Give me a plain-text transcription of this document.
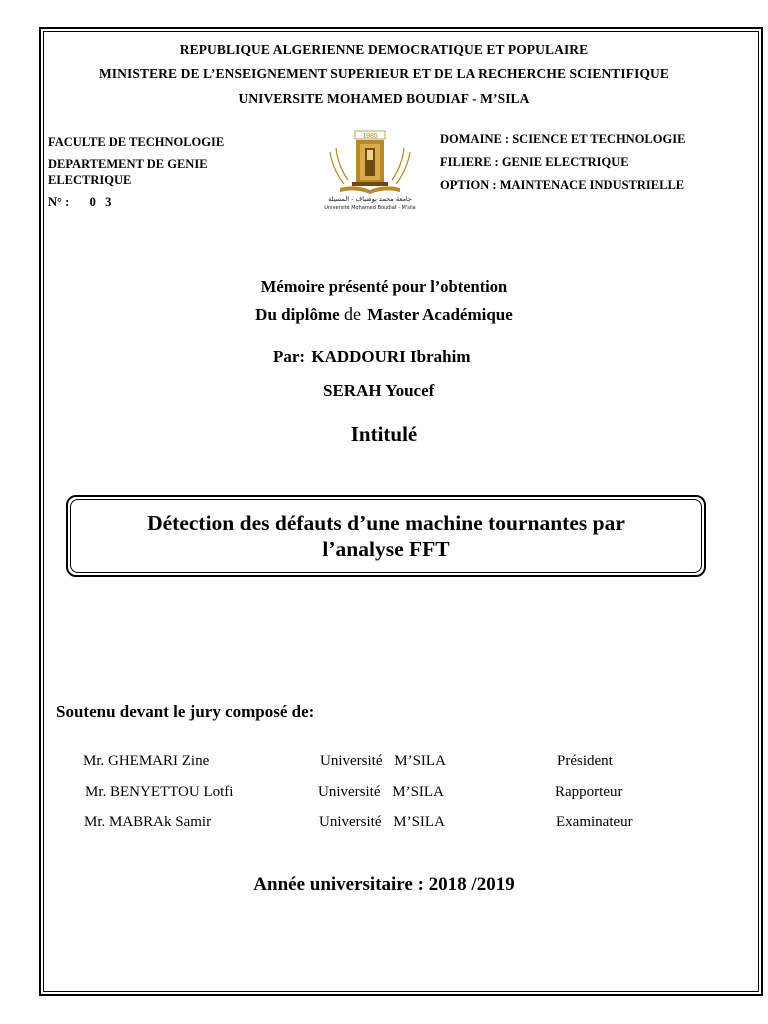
REPUBLIQUE ALGERIENNE DEMOCRATIQUE ET POPULAIRE
MINISTERE DE L’ENSEIGNEMENT SUPERIEUR ET DE LA RECHERCHE SCIENTIFIQUE
UNIVERSITE MOHAMED BOUDIAF - M’SILA
FACULTE DE TECHNOLOGIE
DEPARTEMENT DE GENIE
ELECTRIQUE
N° : 0  3
1985
جامعة محمد بوضياف - المسيلة
Université Mohamed Boudiaf - M'sila
DOMAINE : SCIENCE ET TECHNOLOGIE
FILIERE : GENIE ELECTRIQUE
OPTION : MAINTENACE INDUSTRIELLE
Mémoire présenté pour l’obtention
Du diplôme de Master Académique
Par: KADDOURI Ibrahim
SERAH Youcef
Intitulé
Détection des défauts d’une machine tournantes par
l’analyse FFT
Soutenu devant le jury composé de:
Mr. GHEMARI Zine	Université M’SILA	Président
Mr. BENYETTOU Lotfi	Université M’SILA	Rapporteur
Mr. MABRAk Samir	Université M’SILA	Examinateur
Année universitaire : 2018 /2019
